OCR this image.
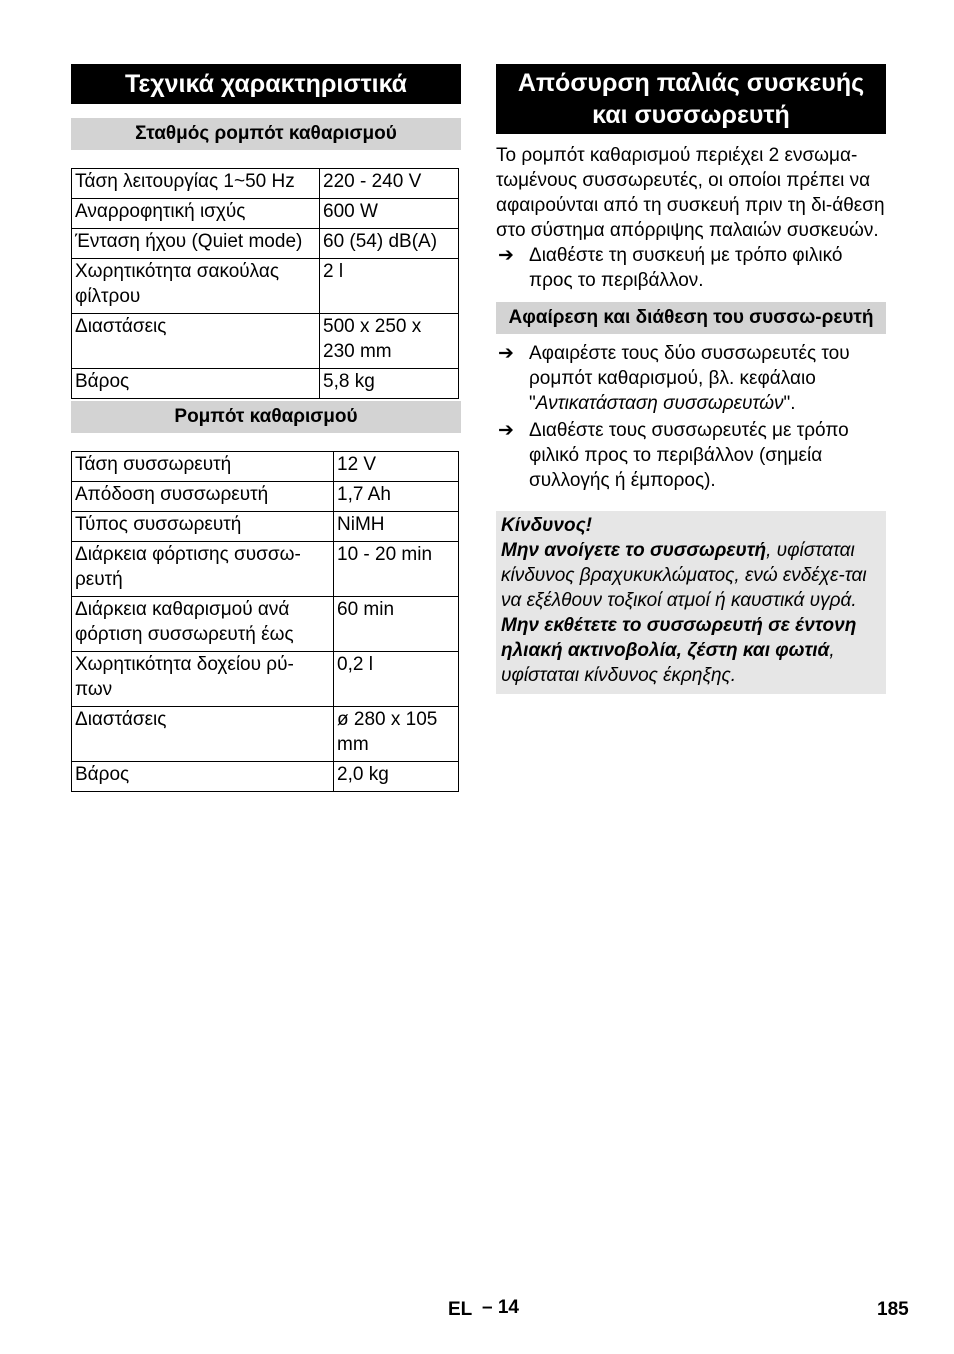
Τεχνικά χαρακτηριστικά
Σταθμός ρομπότ καθαρισμού
Τάση λειτουργίας 1~50 Hz	220 - 240 V
Αναρροφητική ισχύς	600 W
Ένταση ήχου (Quiet mode)	60 (54) dB(A)
Χωρητικότητα σακούλας φίλτρου	2 l
Διαστάσεις	500 x 250 x 230 mm
Βάρος	5,8 kg
Ρομπότ καθαρισμού
Τάση συσσωρευτή	12 V
Απόδοση συσσωρευτή	1,7 Ah
Τύπος συσσωρευτή	NiMH
Διάρκεια φόρτισης συσσω-ρευτή	10 - 20 min
Διάρκεια καθαρισμού ανά φόρτιση συσσωρευτή έως	60 min
Χωρητικότητα δοχείου ρύ-πων	0,2 l
Διαστάσεις	ø 280 x 105 mm
Βάρος	2,0 kg
Απόσυρση παλιάς συσκευής και συσσωρευτή

Το ρομπότ καθαρισμού περιέχει 2 ενσωμα-τωμένους συσσωρευτές, οι οποίοι πρέπει να αφαιρούνται από τη συσκευή πριν τη δι-άθεση στο σύστημα απόρριψης παλαιών συσκευών.

➔ Διαθέστε τη συσκευή με τρόπο φιλικό προς το περιβάλλον.
Αφαίρεση και διάθεση του συσσω-ρευτή
➔ Αφαιρέστε τους δύο συσσωρευτές του ρομπότ καθαρισμού, βλ. κεφάλαιο "Αντικατάσταση συσσωρευτών".
➔ Διαθέστε τους συσσωρευτές με τρόπο φιλικό προς το περιβάλλον (σημεία συλλογής ή έμπορος).
Κίνδυνος!
Μην ανοίγετε το συσσωρευτή, υφίσταται κίνδυνος βραχυκυκλώματος, ενώ ενδέχε-ται να εξέλθουν τοξικοί ατμοί ή καυστικά υγρά.
Μην εκθέτετε το συσσωρευτή σε έντονη ηλιακή ακτινοβολία, ζέστη και φωτιά, υφίσταται κίνδυνος έκρηξης.
EL – 14	185
